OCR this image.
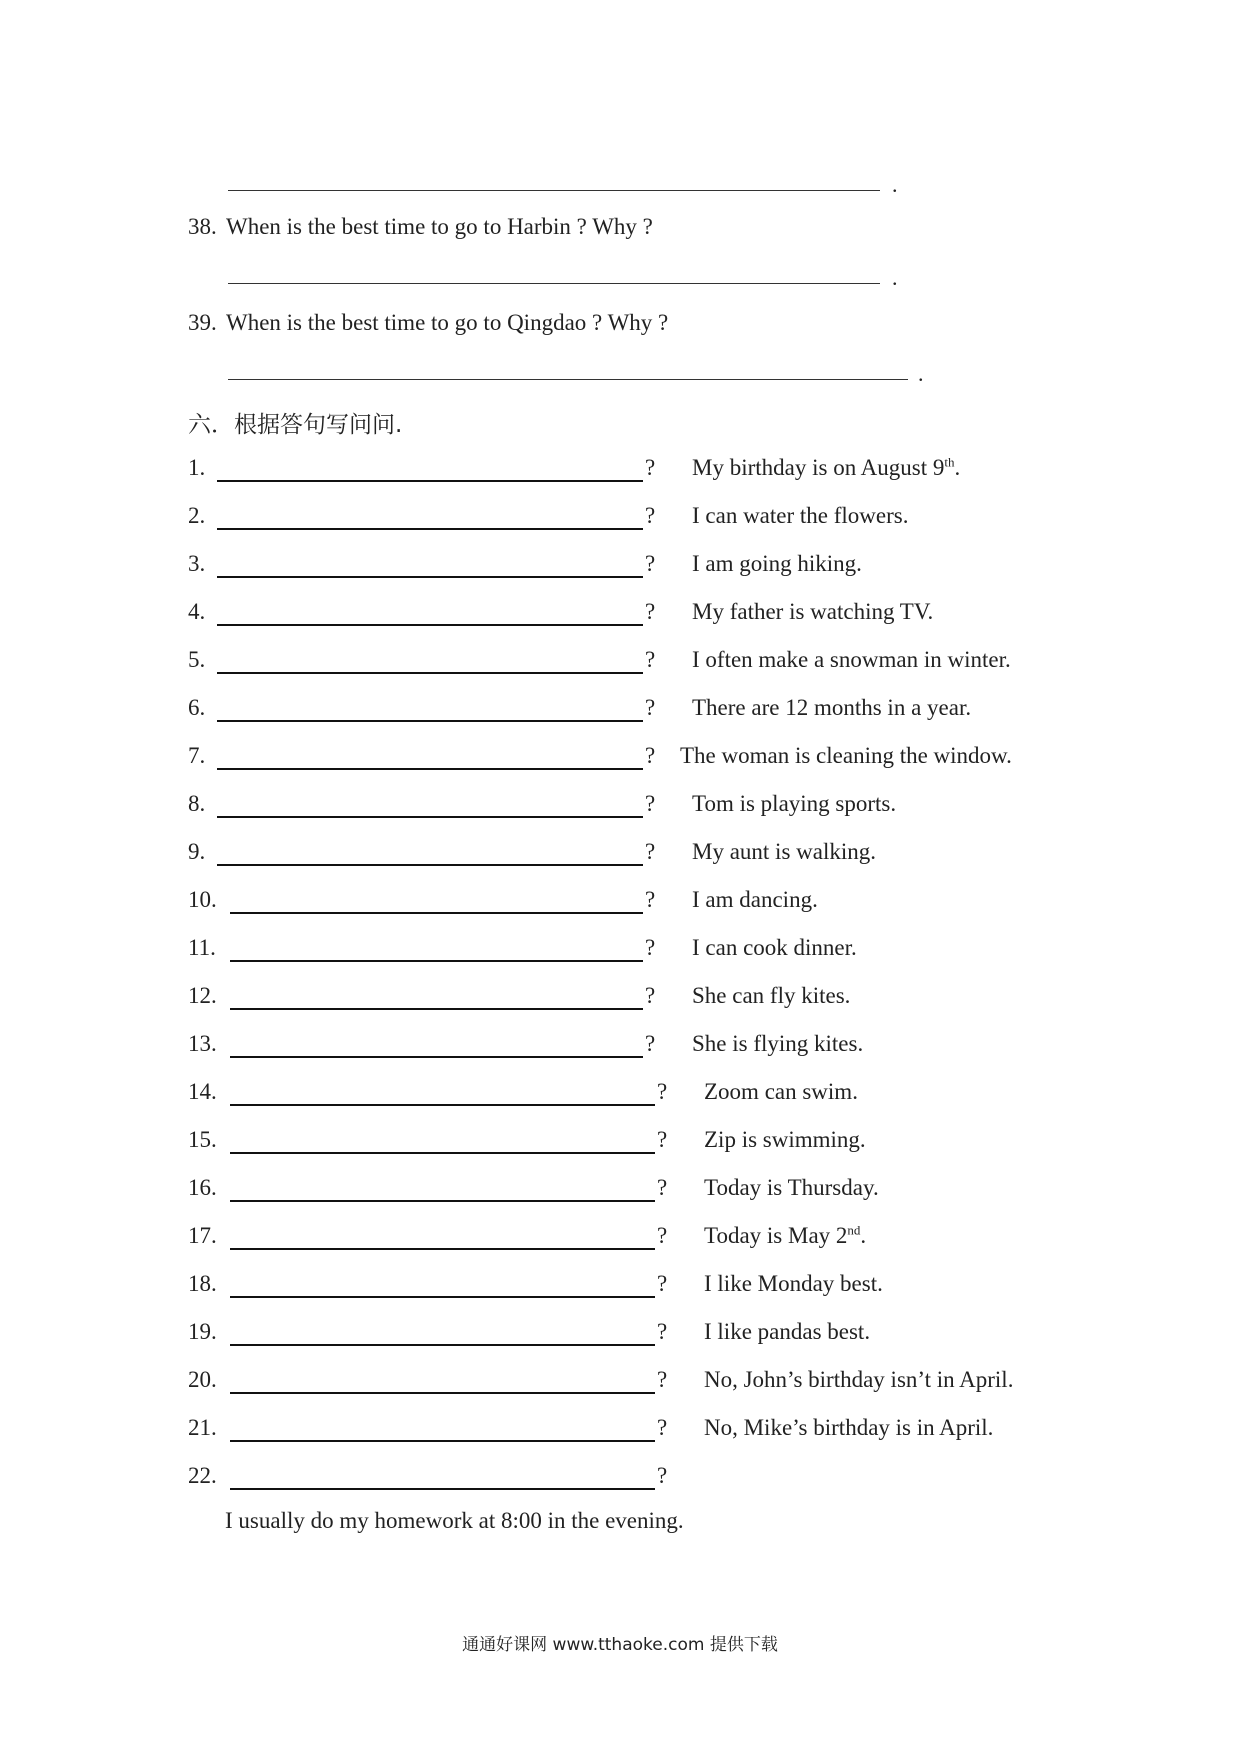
.
38. When is the best time to go to Harbin ? Why ?
.
39. When is the best time to go to Qingdao ? Why ?
.
六．根据答句写问问.
1.	? My birthday is on August 9th.
2.	? I can water the flowers.
3.	? I am going hiking.
4.	? My father is watching TV.
5.	? I often make a snowman in winter.
6.	? There are 12 months in a year.
7.	? The woman is cleaning the window.
8.	? Tom is playing sports.
9.	? My aunt is walking.
10.	? I am dancing.
11.	? I can cook dinner.
12.	? She can fly kites.
13.	? She is flying kites.
14.	? Zoom can swim.
15.	? Zip is swimming.
16.	? Today is Thursday.
17.	? Today is May 2nd.
18.	? I like Monday best.
19.	? I like pandas best.
20.	? No, John’s birthday isn’t in April.
21.	? No, Mike’s birthday is in April.
22.	?
I usually do my homework at 8:00 in the evening.
通通好课网 www.tthaoke.com 提供下载
